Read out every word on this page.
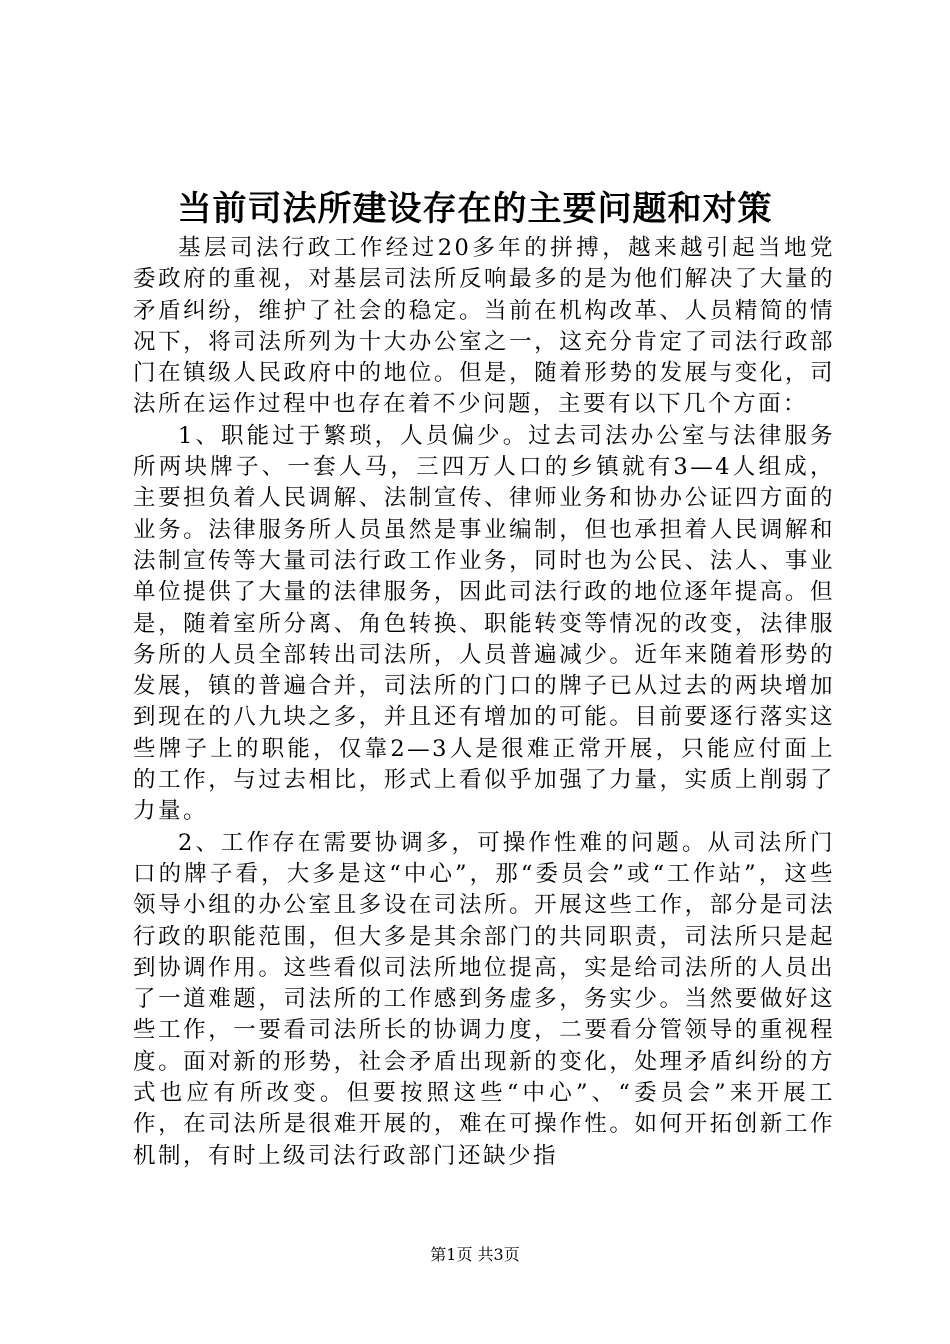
当前司法所建设存在的主要问题和对策

基层司法行政工作经过20多年的拼搏，越来越引起当地党委政府的重视，对基层司法所反响最多的是为他们解决了大量的矛盾纠纷，维护了社会的稳定。当前在机构改革、人员精简的情况下，将司法所列为十大办公室之一，这充分肯定了司法行政部门在镇级人民政府中的地位。但是，随着形势的发展与变化，司法所在运作过程中也存在着不少问题，主要有以下几个方面：

1、职能过于繁琐，人员偏少。过去司法办公室与法律服务所两块牌子、一套人马，三四万人口的乡镇就有3—4人组成，主要担负着人民调解、法制宣传、律师业务和协办公证四方面的业务。法律服务所人员虽然是事业编制，但也承担着人民调解和法制宣传等大量司法行政工作业务，同时也为公民、法人、事业单位提供了大量的法律服务，因此司法行政的地位逐年提高。但是，随着室所分离、角色转换、职能转变等情况的改变，法律服务所的人员全部转出司法所，人员普遍减少。近年来随着形势的发展，镇的普遍合并，司法所的门口的牌子已从过去的两块增加到现在的八九块之多，并且还有增加的可能。目前要逐行落实这些牌子上的职能，仅靠2—3人是很难正常开展，只能应付面上的工作，与过去相比，形式上看似乎加强了力量，实质上削弱了力量。

2、工作存在需要协调多，可操作性难的问题。从司法所门口的牌子看，大多是这“中心”，那“委员会”或“工作站”，这些领导小组的办公室且多设在司法所。开展这些工作，部分是司法行政的职能范围，但大多是其余部门的共同职责，司法所只是起到协调作用。这些看似司法所地位提高，实是给司法所的人员出了一道难题，司法所的工作感到务虚多，务实少。当然要做好这些工作，一要看司法所长的协调力度，二要看分管领导的重视程度。面对新的形势，社会矛盾出现新的变化，处理矛盾纠纷的方式也应有所改变。但要按照这些“中心”、“委员会”来开展工作，在司法所是很难开展的，难在可操作性。如何开拓创新工作机制，有时上级司法行政部门还缺少指

第1页 共3页
